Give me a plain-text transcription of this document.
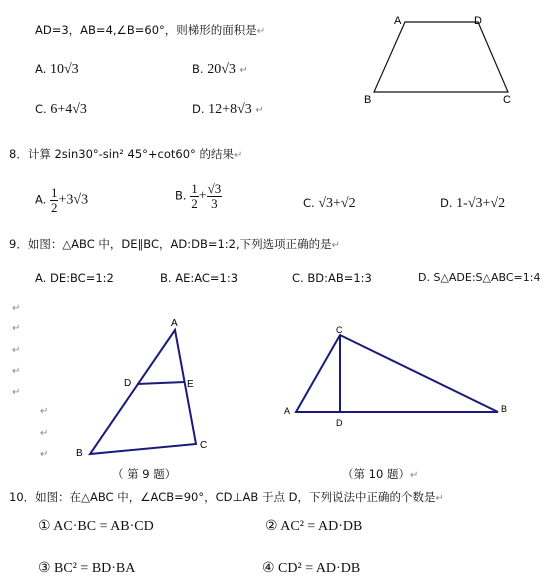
AD=3，AB=4,∠B=60°，则梯形的面积是↵
A. 10√3	B. 20√3 ↵
C. 6+4√3	D. 12+8√3 ↵
A	D
B	C
8．计算 2sin30°-sin² 45°+cot60° 的结果↵
A. $\frac{1}{2} +3√3$	B. $\frac{1}{2} + \frac{√3}{3}$	C. √3+√2	D. 1-√3+√2
9．如图：△ABC 中，DE∥BC，AD:DB=1:2,下列选项正确的是↵
A. DE:BC=1:2	B. AE:AC=1:3	C. BD:AB=1:3	D. S△ADE:S△ABC=1:4
↵
↵
↵
↵
↵
↵
↵
↵
A
D	E
B
C
（ 第 9 题）
C
A	B
D
（第 10 题）↵
10．如图：在△ABC 中，∠ACB=90°，CD⊥AB 于点 D，下列说法中正确的个数是↵
① AC·BC = AB·CD	② AC² = AD·DB
③ BC² = BD·BA	④ CD² = AD·DB
